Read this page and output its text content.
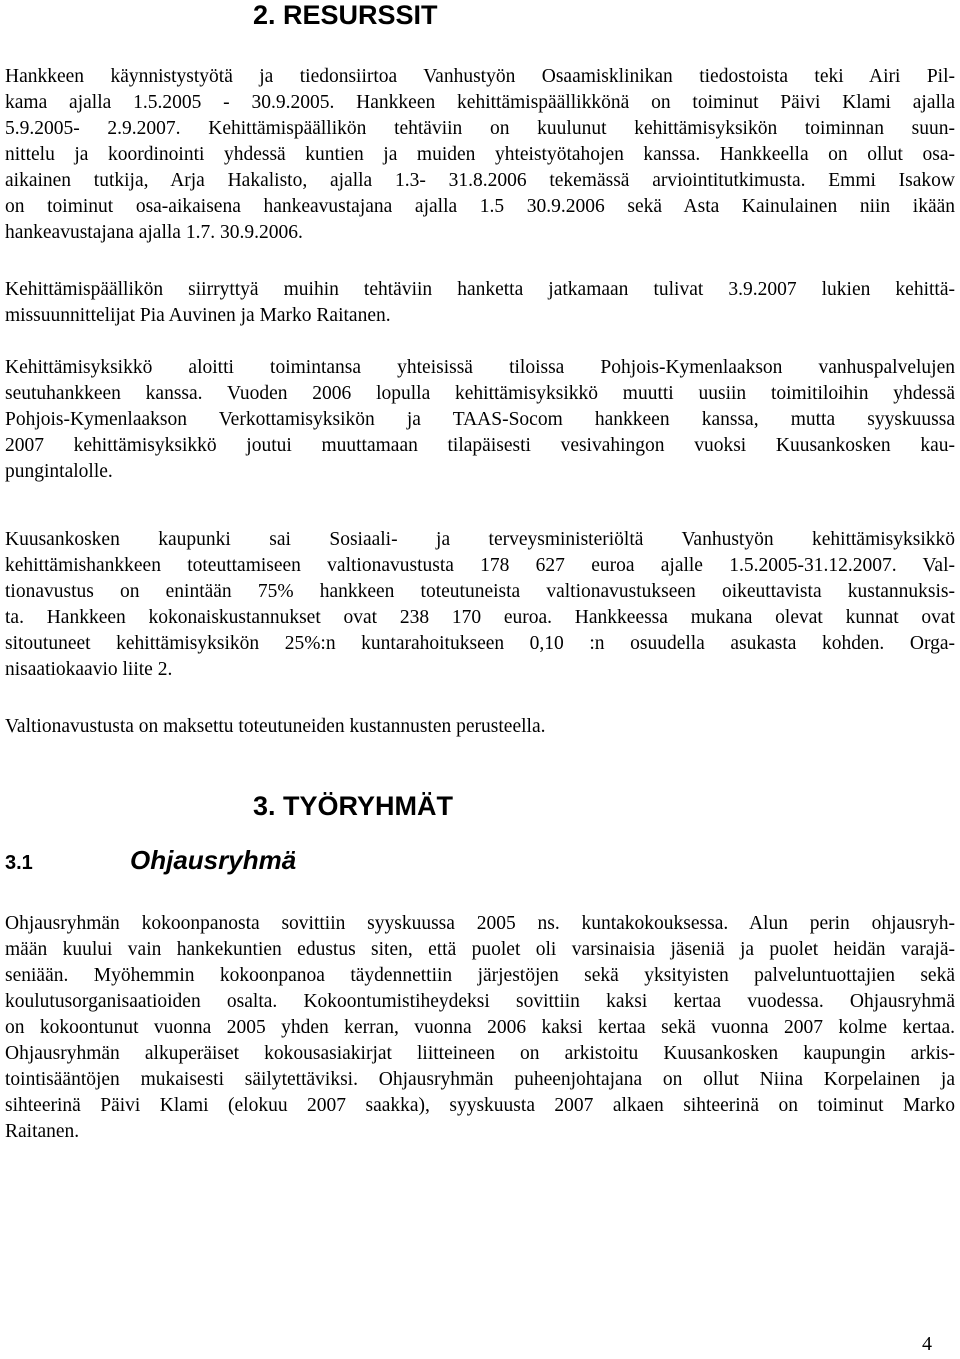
2. RESURSSIT

Hankkeen käynnistystyötä ja tiedonsiirtoa Vanhustyön Osaamisklinikan tiedostoista teki Airi Pil-
kama ajalla 1.5.2005 - 30.9.2005. Hankkeen kehittämispäällikkönä on toiminut Päivi Klami ajalla
5.9.2005- 2.9.2007. Kehittämispäällikön tehtäviin on kuulunut kehittämisyksikön toiminnan suun-
nittelu ja koordinointi yhdessä kuntien ja muiden yhteistyötahojen kanssa. Hankkeella on ollut osa-
aikainen tutkija, Arja Hakalisto, ajalla 1.3- 31.8.2006 tekemässä arviointitutkimusta. Emmi Isakow
on toiminut osa-aikaisena hankeavustajana ajalla 1.5 30.9.2006 sekä Asta Kainulainen niin ikään
hankeavustajana ajalla 1.7. 30.9.2006.

Kehittämispäällikön siirryttyä muihin tehtäviin hanketta jatkamaan tulivat 3.9.2007 lukien kehittä-
missuunnittelijat Pia Auvinen ja Marko Raitanen.

Kehittämisyksikkö aloitti toimintansa yhteisissä tiloissa Pohjois-Kymenlaakson vanhuspalvelujen
seutuhankkeen kanssa. Vuoden 2006 lopulla kehittämisyksikkö muutti uusiin toimitiloihin yhdessä
Pohjois-Kymenlaakson Verkottamisyksikön ja TAAS-Socom hankkeen kanssa, mutta syyskuussa
2007 kehittämisyksikkö joutui muuttamaan tilapäisesti vesivahingon vuoksi Kuusankosken kau-
pungintalolle.

Kuusankosken kaupunki sai Sosiaali- ja terveysministeriöltä Vanhustyön kehittämisyksikkö
kehittämishankkeen toteuttamiseen valtionavustusta 178 627 euroa ajalle 1.5.2005-31.12.2007. Val-
tionavustus on enintään 75% hankkeen toteutuneista valtionavustukseen oikeuttavista kustannuksis-
ta. Hankkeen kokonaiskustannukset ovat 238 170 euroa. Hankkeessa mukana olevat kunnat ovat
sitoutuneet kehittämisyksikön 25%:n kuntarahoitukseen 0,10 :n osuudella asukasta kohden. Orga-
nisaatiokaavio liite 2.

Valtionavustusta on maksettu toteutuneiden kustannusten perusteella.

3. TYÖRYHMÄT
3.1	Ohjausryhmä

Ohjausryhmän kokoonpanosta sovittiin syyskuussa 2005 ns. kuntakokouksessa. Alun perin ohjausryh-
mään kuului vain hankekuntien edustus siten, että puolet oli varsinaisia jäseniä ja puolet heidän varajä-
seniään. Myöhemmin kokoonpanoa täydennettiin järjestöjen sekä yksityisten palveluntuottajien sekä
koulutusorganisaatioiden osalta. Kokoontumistiheydeksi sovittiin kaksi kertaa vuodessa. Ohjausryhmä
on kokoontunut vuonna 2005 yhden kerran, vuonna 2006 kaksi kertaa sekä vuonna 2007 kolme kertaa.
Ohjausryhmän alkuperäiset kokousasiakirjat liitteineen on arkistoitu Kuusankosken kaupungin arkis-
tointisääntöjen mukaisesti säilytettäviksi. Ohjausryhmän puheenjohtajana on ollut Niina Korpelainen ja
sihteerinä Päivi Klami (elokuu 2007 saakka), syyskuusta 2007 alkaen sihteerinä on toiminut Marko
Raitanen.

4
